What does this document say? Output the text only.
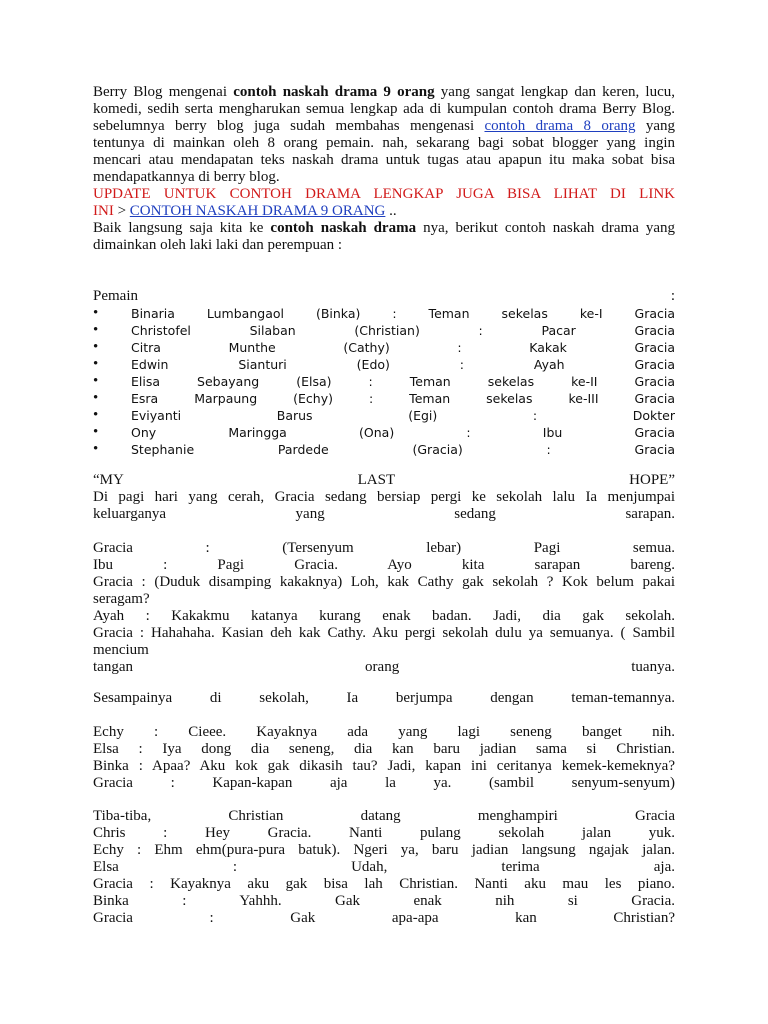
Berry Blog mengenai contoh naskah drama 9 orang yang sangat lengkap dan keren, lucu,
komedi, sedih serta mengharukan semua lengkap ada di kumpulan contoh drama Berry Blog.
sebelumnya berry blog juga sudah membahas mengenasi contoh drama 8 orang yang
tentunya di mainkan oleh 8 orang pemain. nah, sekarang bagi sobat blogger yang ingin
mencari atau mendapatan teks naskah drama untuk tugas atau apapun itu maka sobat bisa
mendapatkannya di berry blog.
UPDATE UNTUK CONTOH DRAMA LENGKAP JUGA BISA LIHAT DI LINK
INI > CONTOH NASKAH DRAMA 9 ORANG ..
Baik langsung saja kita ke contoh naskah drama nya, berikut contoh naskah drama yang
dimainkan oleh laki laki dan perempuan :
Pemain :
•	Binaria Lumbangaol (Binka) : Teman sekelas ke-I Gracia
•	Christofel Silaban (Christian) : Pacar Gracia
•	Citra Munthe (Cathy) : Kakak Gracia
•	Edwin Sianturi (Edo) : Ayah Gracia
•	Elisa Sebayang (Elsa) : Teman sekelas ke-II Gracia
•	Esra Marpaung (Echy) : Teman sekelas ke-III Gracia
•	Eviyanti Barus (Egi) : Dokter
•	Ony Maringga (Ona) : Ibu Gracia
•	Stephanie Pardede (Gracia) : Gracia
“MY LAST HOPE”
Di pagi hari yang cerah, Gracia sedang bersiap pergi ke sekolah lalu Ia menjumpai
keluarganya yang sedang sarapan.
Gracia : (Tersenyum lebar) Pagi semua.
Ibu : Pagi Gracia. Ayo kita sarapan bareng.
Gracia : (Duduk disamping kakaknya) Loh, kak Cathy gak sekolah ? Kok belum pakai
seragam?
Ayah : Kakakmu katanya kurang enak badan. Jadi, dia gak sekolah.
Gracia : Hahahaha. Kasian deh kak Cathy. Aku pergi sekolah dulu ya semuanya. ( Sambil
mencium
tangan orang tuanya.
Sesampainya di sekolah, Ia berjumpa dengan teman-temannya.
Echy : Cieee. Kayaknya ada yang lagi seneng banget nih.
Elsa : Iya dong dia seneng, dia kan baru jadian sama si Christian.
Binka : Apaa? Aku kok gak dikasih tau? Jadi, kapan ini ceritanya kemek-kemeknya?
Gracia : Kapan-kapan aja la ya. (sambil senyum-senyum)
Tiba-tiba, Christian datang menghampiri Gracia
Chris : Hey Gracia. Nanti pulang sekolah jalan yuk.
Echy : Ehm ehm(pura-pura batuk). Ngeri ya, baru jadian langsung ngajak jalan.
Elsa : Udah, terima aja.
Gracia : Kayaknya aku gak bisa lah Christian. Nanti aku mau les piano.
Binka : Yahhh. Gak enak nih si Gracia.
Gracia : Gak apa-apa kan Christian?
